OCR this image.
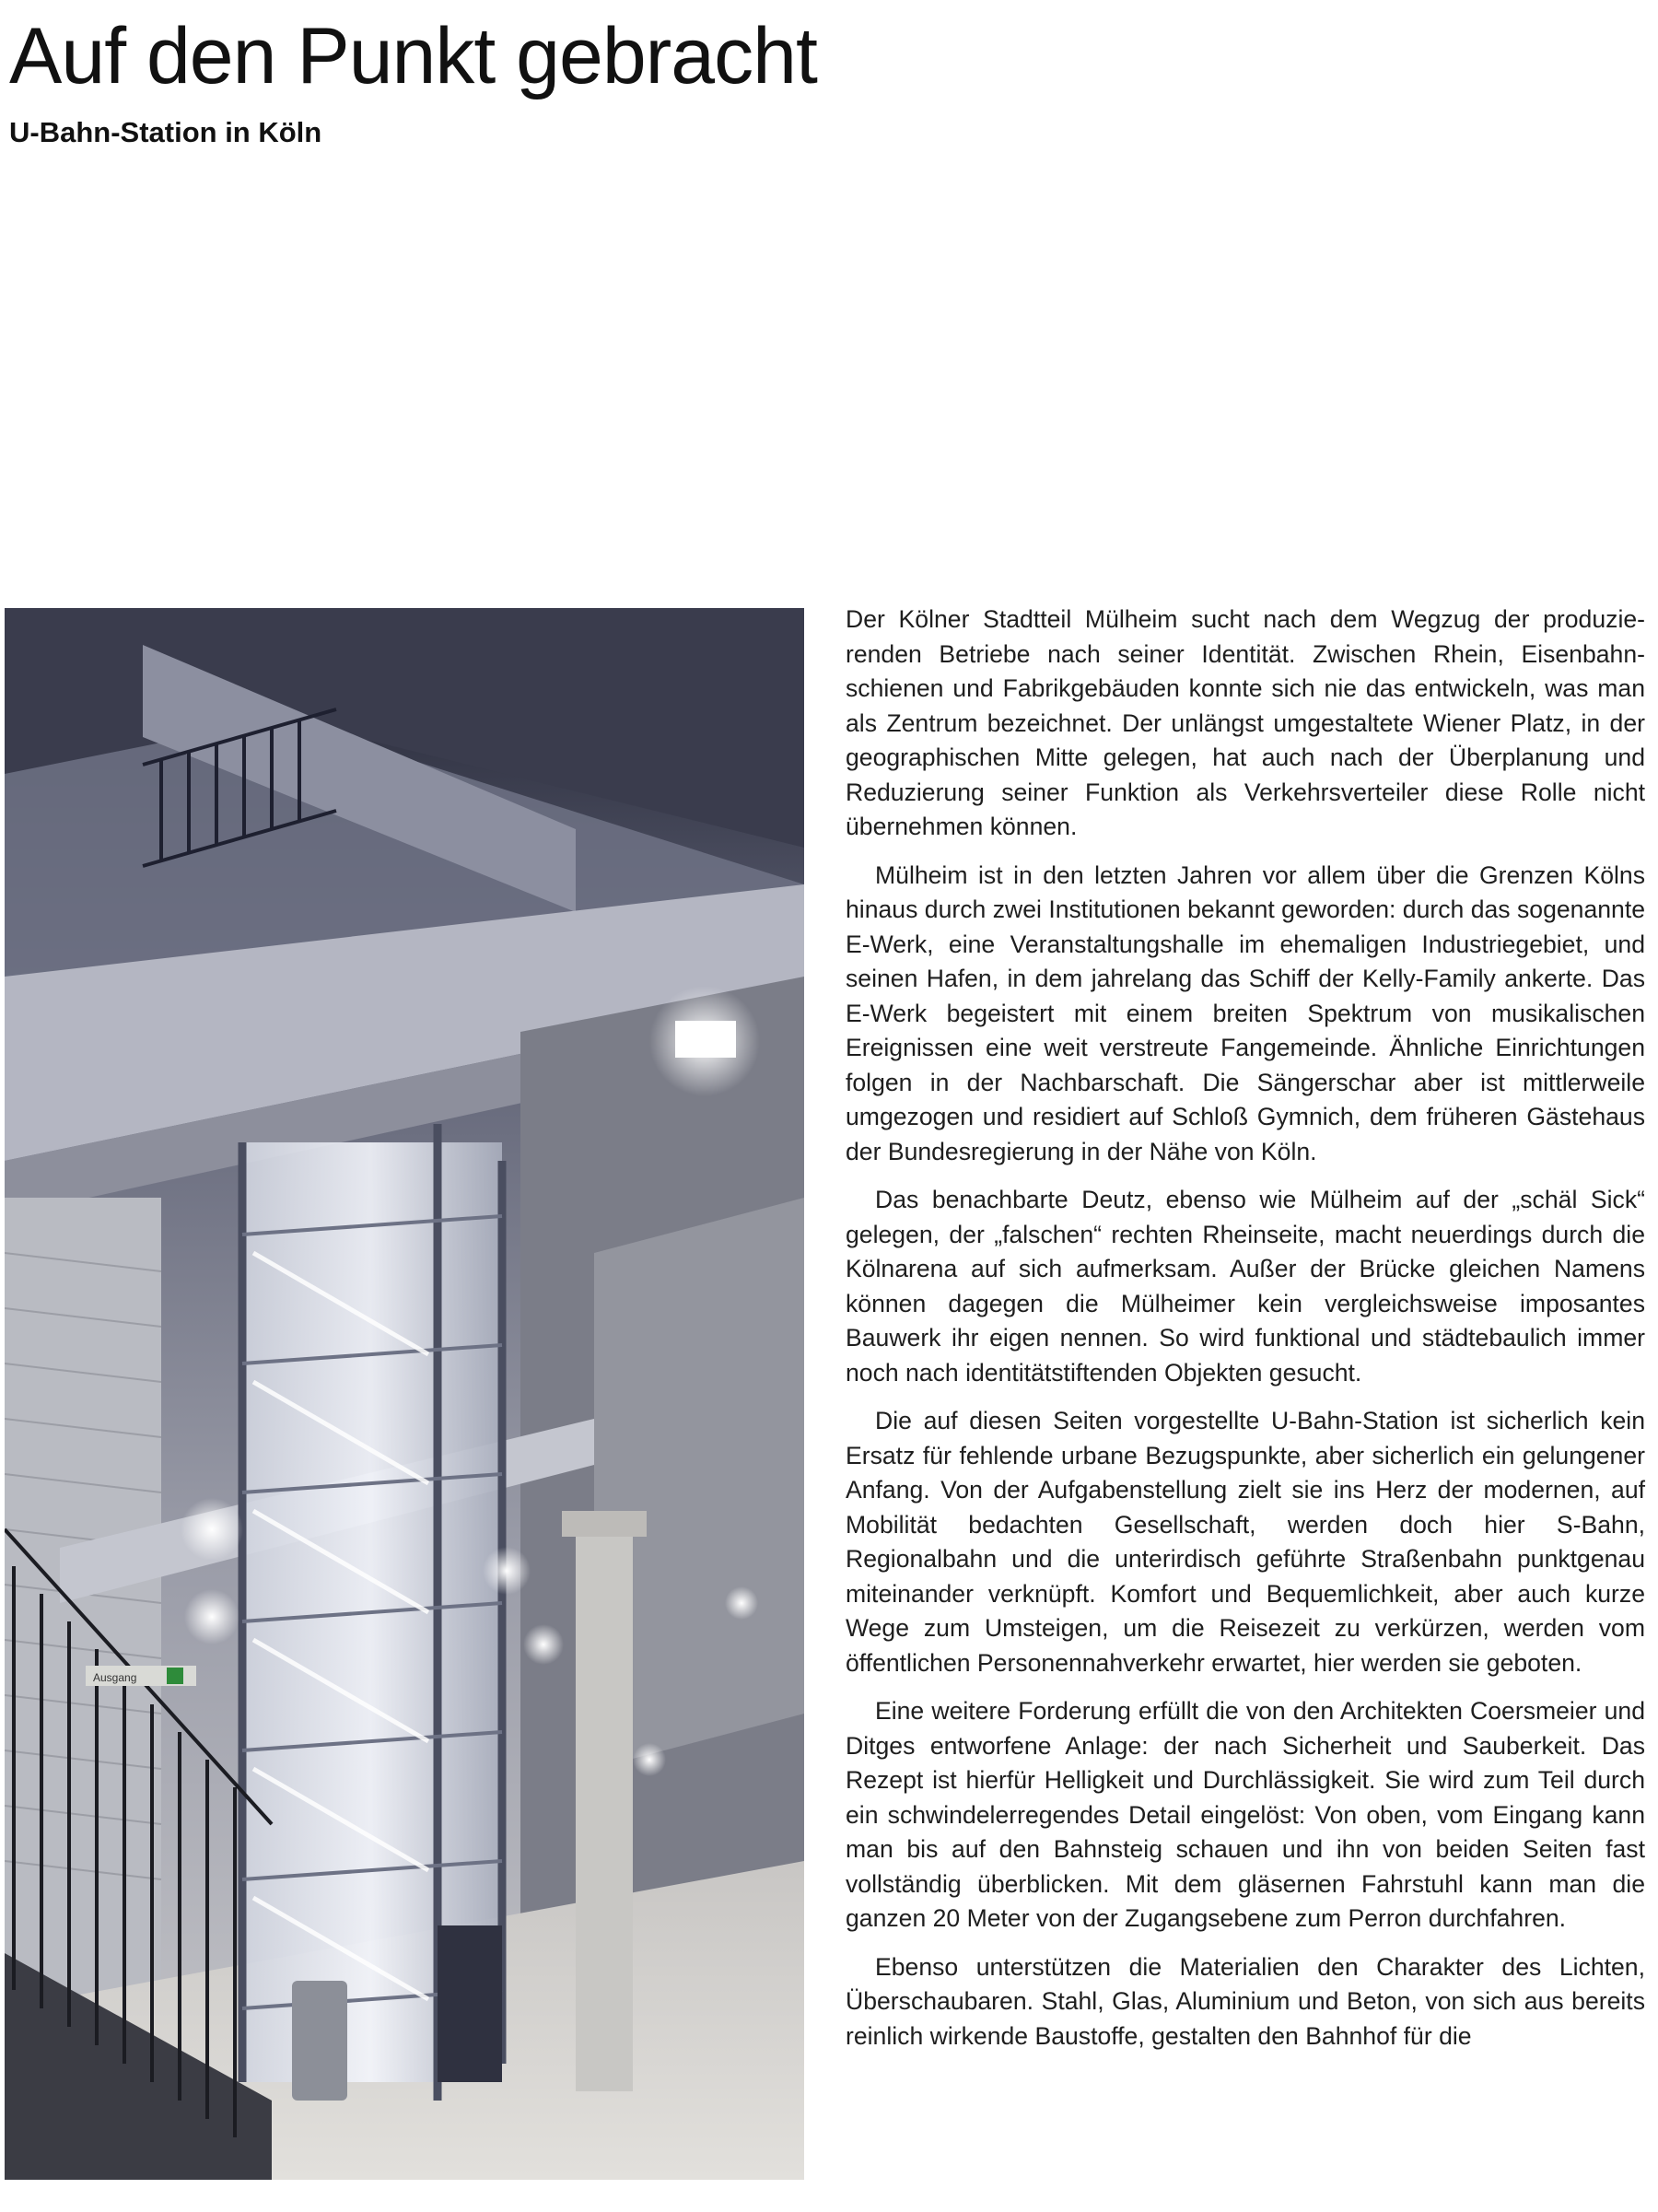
Auf den Punkt gebracht
U-Bahn-Station in Köln
Ausgang

Der Kölner Stadtteil Mülheim sucht nach dem Wegzug der produzierenden Betriebe nach seiner Identität. Zwischen Rhein, Eisenbahnschienen und Fabrikgebäuden konnte sich nie das entwickeln, was man als Zentrum bezeichnet. Der unlängst umgestaltete Wiener Platz, in der geographischen Mitte gelegen, hat auch nach der Überplanung und Reduzierung seiner Funktion als Verkehrsverteiler diese Rolle nicht übernehmen können.

Mülheim ist in den letzten Jahren vor allem über die Grenzen Kölns hinaus durch zwei Institutionen bekannt geworden: durch das sogenannte E-Werk, eine Veranstaltungshalle im ehemaligen Industriegebiet, und seinen Hafen, in dem jahrelang das Schiff der Kelly-Family ankerte. Das E-Werk begeistert mit einem breiten Spektrum von musikalischen Ereignissen eine weit verstreute Fangemeinde. Ähnliche Einrichtungen folgen in der Nachbarschaft. Die Sängerschar aber ist mittlerweile umgezogen und residiert auf Schloß Gymnich, dem früheren Gästehaus der Bundesregierung in der Nähe von Köln.

Das benachbarte Deutz, ebenso wie Mülheim auf der „schäl Sick“ gelegen, der „falschen“ rechten Rheinseite, macht neuerdings durch die Kölnarena auf sich aufmerksam. Außer der Brücke gleichen Namens können dagegen die Mülheimer kein vergleichsweise imposantes Bauwerk ihr eigen nennen. So wird funktional und städtebaulich immer noch nach identitätstiftenden Objekten gesucht.

Die auf diesen Seiten vorgestellte U-Bahn-Station ist sicherlich kein Ersatz für fehlende urbane Bezugspunkte, aber sicherlich ein gelungener Anfang. Von der Aufgabenstellung zielt sie ins Herz der modernen, auf Mobilität bedachten Gesellschaft, werden doch hier S-Bahn, Regionalbahn und die unterirdisch geführte Straßenbahn punktgenau miteinander verknüpft. Komfort und Bequemlichkeit, aber auch kurze Wege zum Umsteigen, um die Reisezeit zu verkürzen, werden vom öffentlichen Personennahverkehr erwartet, hier werden sie geboten.

Eine weitere Forderung erfüllt die von den Architekten Coersmeier und Ditges entworfene Anlage: der nach Sicherheit und Sauberkeit. Das Rezept ist hierfür Helligkeit und Durchlässigkeit. Sie wird zum Teil durch ein schwindelerregendes Detail eingelöst: Von oben, vom Eingang kann man bis auf den Bahnsteig schauen und ihn von beiden Seiten fast vollständig überblicken. Mit dem gläsernen Fahrstuhl kann man die ganzen 20 Meter von der Zugangsebene zum Perron durchfahren.

Ebenso unterstützen die Materialien den Charakter des Lichten, Überschaubaren. Stahl, Glas, Aluminium und Beton, von sich aus bereits reinlich wirkende Baustoffe, gestalten den Bahnhof für die
